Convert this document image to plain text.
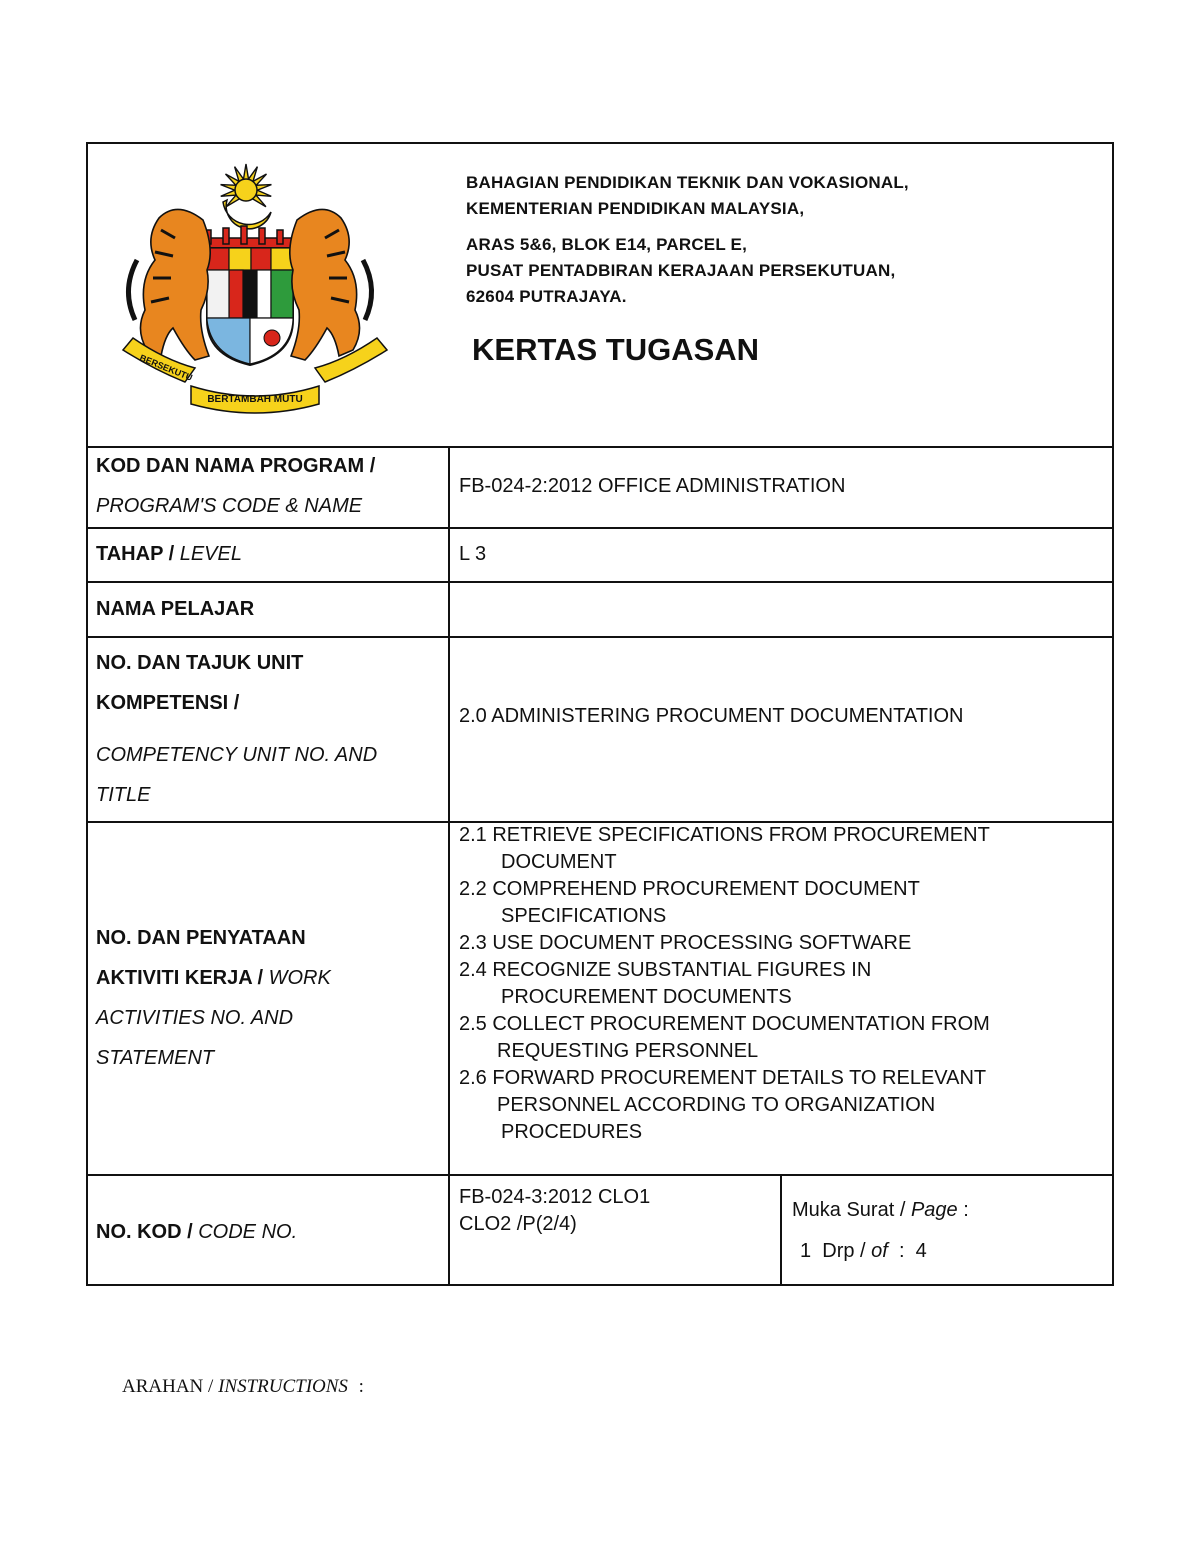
BERSEKUTU
BERTAMBAH MUTU
BAHAGIAN PENDIDIKAN TEKNIK DAN VOKASIONAL,
KEMENTERIAN PENDIDIKAN MALAYSIA,
ARAS 5&6, BLOK E14, PARCEL E,
PUSAT PENTADBIRAN KERAJAAN PERSEKUTUAN,
62604 PUTRAJAYA.
KERTAS TUGASAN
KOD DAN NAMA PROGRAM /
PROGRAM'S CODE & NAME
FB-024-2:2012 OFFICE ADMINISTRATION
TAHAP / LEVEL	L 3
NAMA PELAJAR
NO. DAN TAJUK UNIT
KOMPETENSI /
COMPETENCY UNIT NO. AND
TITLE
2.0 ADMINISTERING PROCUMENT DOCUMENTATION
NO. DAN PENYATAAN
AKTIVITI KERJA / WORK
ACTIVITIES NO. AND
STATEMENT
2.1 RETRIEVE SPECIFICATIONS FROM PROCUREMENT
DOCUMENT
2.2 COMPREHEND PROCUREMENT DOCUMENT
SPECIFICATIONS
2.3 USE DOCUMENT PROCESSING SOFTWARE
2.4 RECOGNIZE SUBSTANTIAL FIGURES IN
PROCUREMENT DOCUMENTS
2.5 COLLECT PROCUREMENT DOCUMENTATION FROM
REQUESTING PERSONNEL
2.6 FORWARD PROCUREMENT DETAILS TO RELEVANT
PERSONNEL ACCORDING TO ORGANIZATION
PROCEDURES
NO. KOD / CODE NO.
FB-024-3:2012 CLO1
CLO2 /P(2/4)
Muka Surat / Page :
1 Drp / of : 4
ARAHAN / INSTRUCTIONS :
